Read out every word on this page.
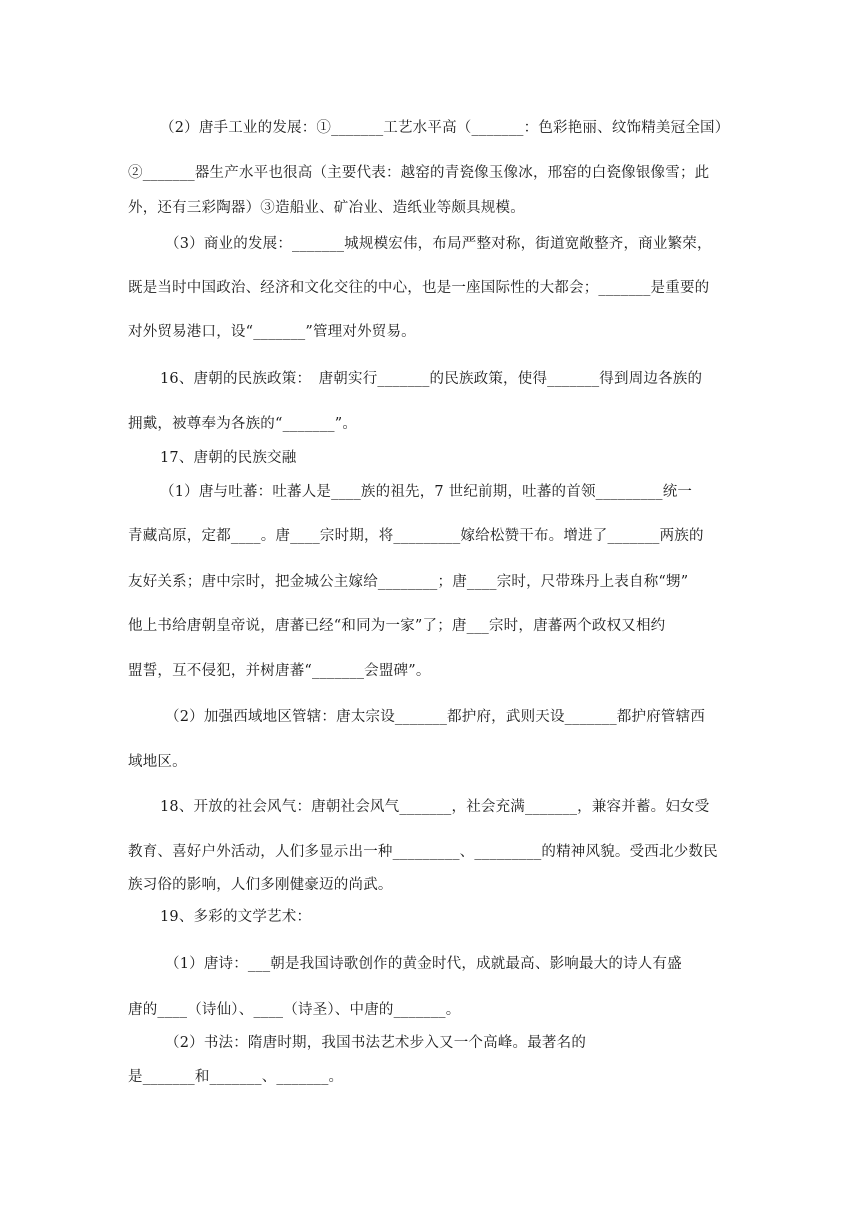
（2）唐手工业的发展：①_______工艺水平高（_______：色彩艳丽、纹饰精美冠全国）
②_______器生产水平也很高（主要代表：越窑的青瓷像玉像冰，邢窑的白瓷像银像雪；此
外，还有三彩陶器）③造船业、矿冶业、造纸业等颇具规模。
（3）商业的发展：_______城规模宏伟，布局严整对称，街道宽敞整齐，商业繁荣，
既是当时中国政治、经济和文化交往的中心，也是一座国际性的大都会；_______是重要的
对外贸易港口，设“_______”管理对外贸易。
16、唐朝的民族政策：　唐朝实行_______的民族政策，使得_______得到周边各族的
拥戴，被尊奉为各族的“_______”。
17、唐朝的民族交融
（1）唐与吐蕃：吐蕃人是____族的祖先，7 世纪前期，吐蕃的首领_________统一
青藏高原，定都____。唐____宗时期，将_________嫁给松赞干布。增进了_______两族的
友好关系；唐中宗时，把金城公主嫁给________；唐____宗时，尺带珠丹上表自称“甥”
他上书给唐朝皇帝说，唐蕃已经“和同为一家”了；唐___宗时，唐蕃两个政权又相约
盟誓，互不侵犯，并树唐蕃“_______会盟碑”。
（2）加强西域地区管辖：唐太宗设_______都护府，武则天设_______都护府管辖西
域地区。
18、开放的社会风气：唐朝社会风气_______，社会充满_______，兼容并蓄。妇女受
教育、喜好户外活动，人们多显示出一种_________、_________的精神风貌。受西北少数民
族习俗的影响，人们多刚健豪迈的尚武。
19、多彩的文学艺术：
（1）唐诗：___朝是我国诗歌创作的黄金时代，成就最高、影响最大的诗人有盛
唐的____（诗仙）、____（诗圣）、中唐的_______。
（2）书法：隋唐时期，我国书法艺术步入又一个高峰。最著名的
是_______和_______、_______。
